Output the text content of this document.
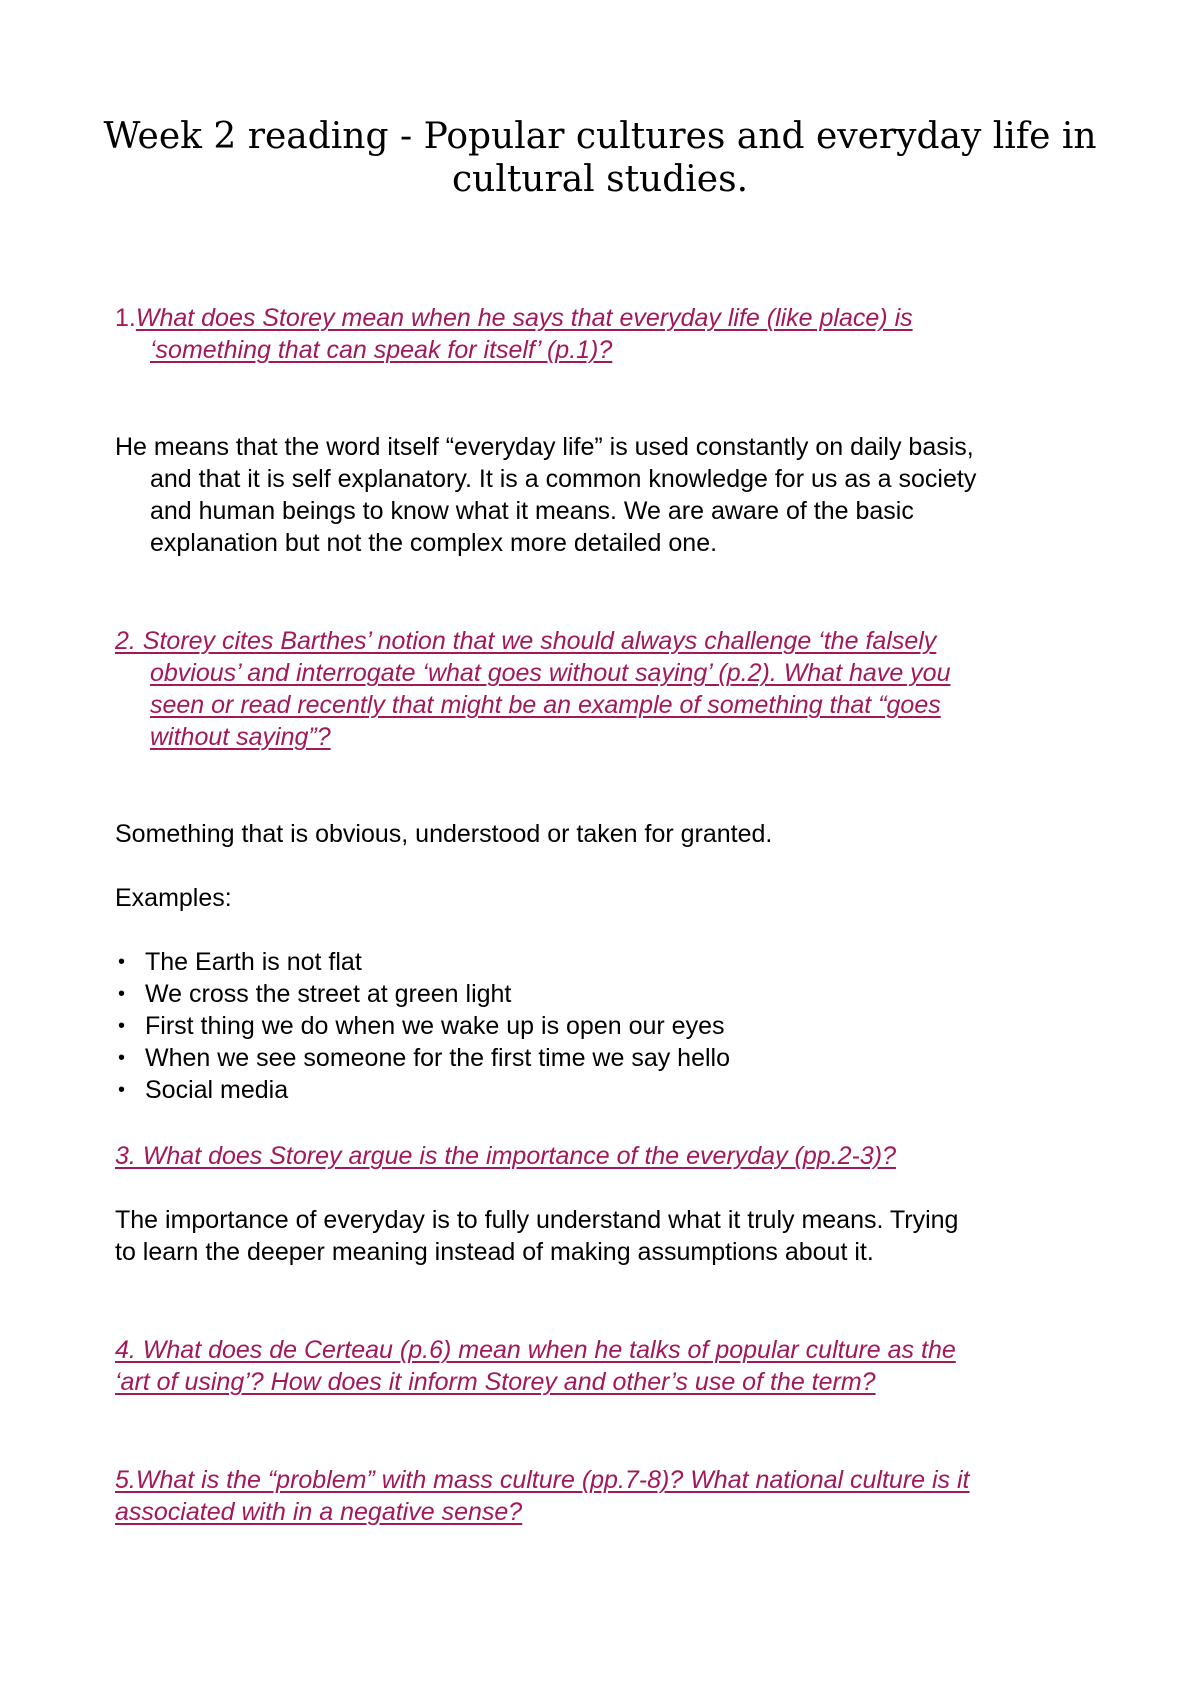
Week 2 reading - Popular cultures and everyday life in
cultural studies.

1.What does Storey mean when he says that everyday life (like place) is

‘something that can speak for itself’ (p.1)?

He means that the word itself “everyday life” is used constantly on daily basis,

and that it is self explanatory. It is a common knowledge for us as a society

and human beings to know what it means. We are aware of the basic

explanation but not the complex more detailed one.

2. Storey cites Barthes’ notion that we should always challenge ‘the falsely

obvious’ and interrogate ‘what goes without saying’ (p.2). What have you

seen or read recently that might be an example of something that “goes

without saying”?

Something that is obvious, understood or taken for granted.

Examples:

• The Earth is not flat

• We cross the street at green light

• First thing we do when we wake up is open our eyes

• When we see someone for the first time we say hello

• Social media

3. What does Storey argue is the importance of the everyday (pp.2-3)?

The importance of everyday is to fully understand what it truly means. Trying

to learn the deeper meaning instead of making assumptions about it.

4. What does de Certeau (p.6) mean when he talks of popular culture as the

‘art of using’? How does it inform Storey and other’s use of the term?

5.What is the “problem” with mass culture (pp.7-8)? What national culture is it

associated with in a negative sense?
